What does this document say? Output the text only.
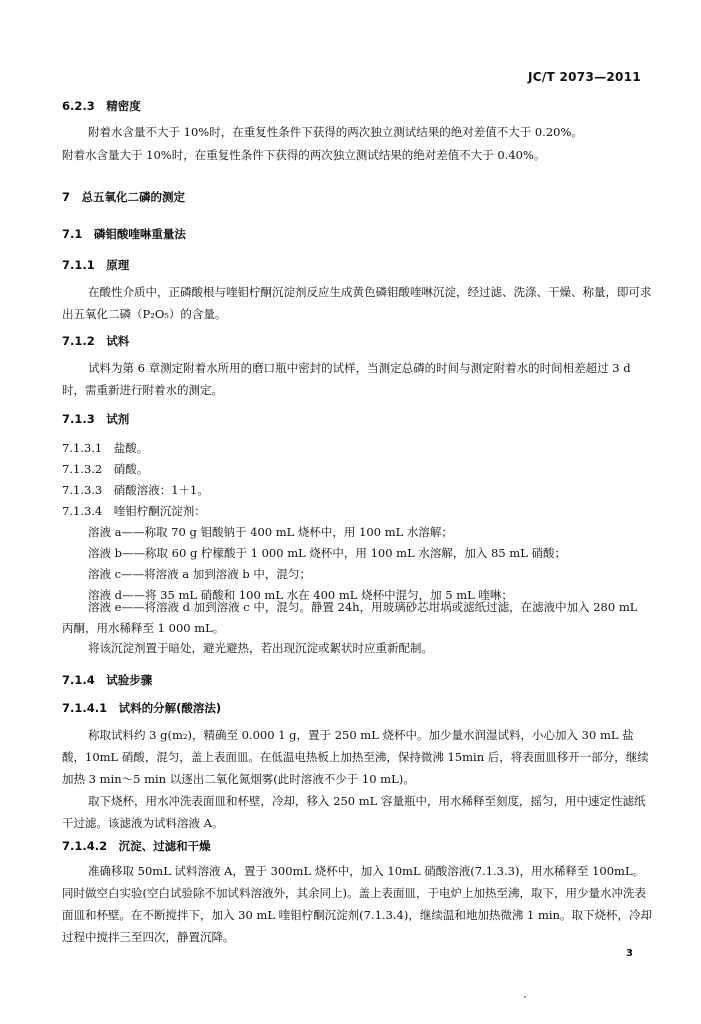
JC/T 2073—2011
6.2.3　精密度
附着水含量不大于 10%时，在重复性条件下获得的两次独立测试结果的绝对差值不大于 0.20%。
附着水含量大于 10%时，在重复性条件下获得的两次独立测试结果的绝对差值不大于 0.40%。
7　总五氧化二磷的测定
7.1　磷钼酸喹啉重量法
7.1.1　原理
在酸性介质中，正磷酸根与喹钼柠酮沉淀剂反应生成黄色磷钼酸喹啉沉淀，经过滤、洗涤、干燥、称量，即可求出五氧化二磷（P₂O₅）的含量。
7.1.2　试料
试料为第 6 章测定附着水所用的磨口瓶中密封的试样，当测定总磷的时间与测定附着水的时间相差超过 3 d 时，需重新进行附着水的测定。
7.1.3　试剂
7.1.3.1　盐酸。
7.1.3.2　硝酸。
7.1.3.3　硝酸溶液：1＋1。
7.1.3.4　喹钼柠酮沉淀剂：
溶液 a——称取 70 g 钼酸钠于 400 mL 烧杯中，用 100 mL 水溶解；
溶液 b——称取 60 g 柠檬酸于 1 000 mL 烧杯中，用 100 mL 水溶解，加入 85 mL 硝酸；
溶液 c——将溶液 a 加到溶液 b 中，混匀；
溶液 d——将 35 mL 硝酸和 100 mL 水在 400 mL 烧杯中混匀，加 5 mL 喹啉；
溶液 e——将溶液 d 加到溶液 c 中，混匀。静置 24h，用玻璃砂芯坩埚或滤纸过滤，在滤液中加入 280 mL 丙酮，用水稀释至 1 000 mL。
将该沉淀剂置于暗处，避光避热，若出现沉淀或絮状时应重新配制。
7.1.4　试验步骤
7.1.4.1　试料的分解(酸溶法)
称取试料约 3 g(m₂)，精确至 0.000 1 g，置于 250 mL 烧杯中。加少量水润湿试料，小心加入 30 mL 盐酸，10mL 硝酸，混匀，盖上表面皿。在低温电热板上加热至沸，保持微沸 15min 后，将表面皿移开一部分，继续加热 3 min～5 min 以逐出二氧化氮烟雾(此时溶液不少于 10 mL)。
取下烧杯，用水冲洗表面皿和杯壁，冷却，移入 250 mL 容量瓶中，用水稀释至刻度，摇匀，用中速定性滤纸干过滤。该滤液为试料溶液 A。
7.1.4.2　沉淀、过滤和干燥
准确移取 50mL 试料溶液 A，置于 300mL 烧杯中，加入 10mL 硝酸溶液(7.1.3.3)，用水稀释至 100mL。同时做空白实验(空白试验除不加试料溶液外，其余同上)。盖上表面皿，于电炉上加热至沸，取下，用少量水冲洗表面皿和杯壁。在不断搅拌下，加入 30 mL 喹钼柠酮沉淀剂(7.1.3.4)，继续温和地加热微沸 1 min。取下烧杯，冷却过程中搅拌三至四次，静置沉降。
3
